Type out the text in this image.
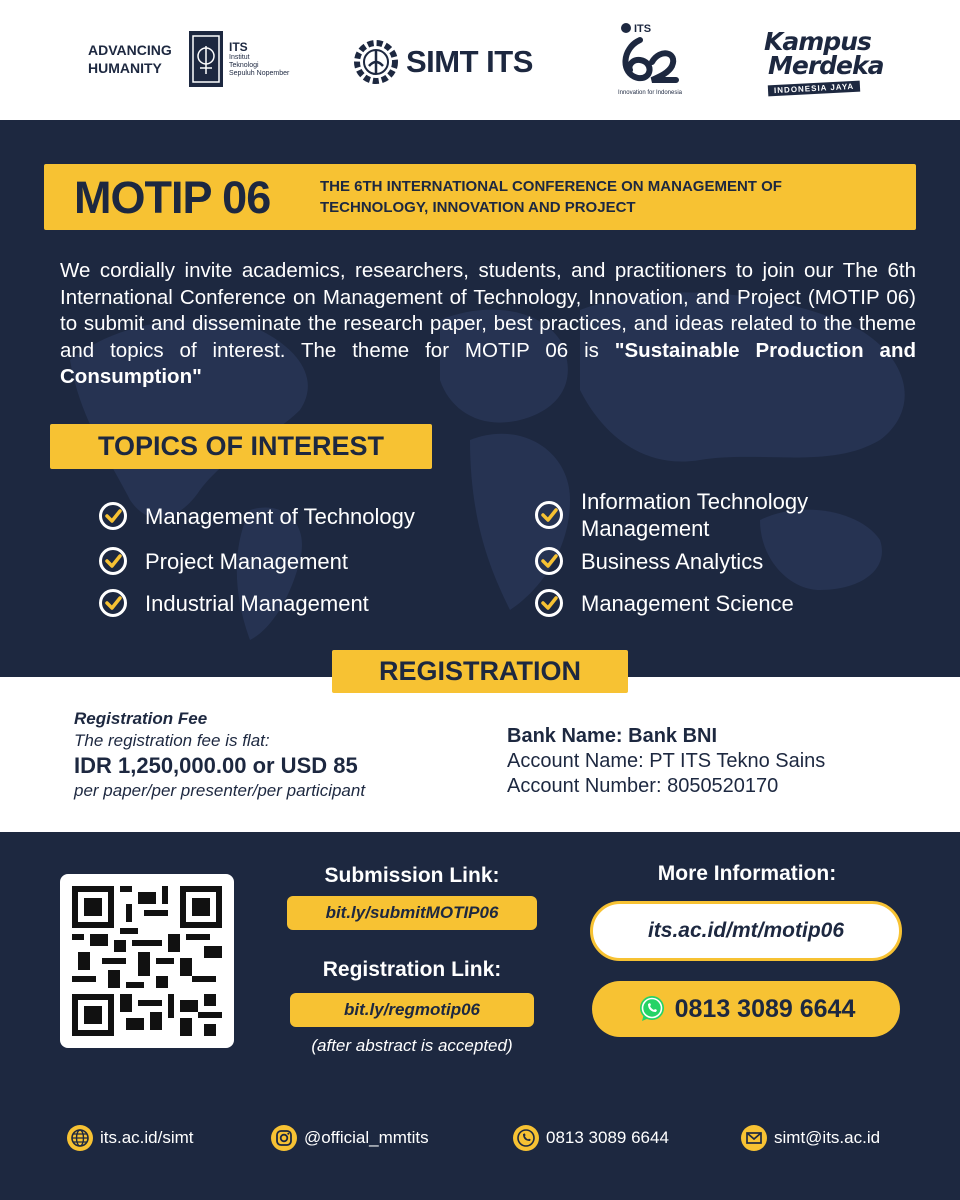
ADVANCING HUMANITY
ITS
Institut
Teknologi
Sepuluh Nopember	SIMT ITS
ITS
Innovation for Indonesia
Kampus
Merdeka
INDONESIA JAYA
MOTIP 06	THE 6TH INTERNATIONAL CONFERENCE ON MANAGEMENT OF TECHNOLOGY, INNOVATION AND PROJECT
We cordially invite academics, researchers, students, and practitioners to join our The 6th International Conference on Management of Technology, Innovation, and Project (MOTIP 06) to submit and disseminate the research paper, best practices, and ideas related to the theme and topics of interest. The theme for MOTIP 06 is "Sustainable Production and Consumption"
TOPICS OF INTEREST
Management of Technology
Project Management
Industrial Management
Information Technology Management
Business Analytics
Management Science
REGISTRATION
Registration Fee
The registration fee is flat:
IDR 1,250,000.00 or USD 85
per paper/per presenter/per participant
Bank Name: Bank BNI
Account Name: PT ITS Tekno Sains
Account Number: 8050520170
Submission Link:
bit.ly/submitMOTIP06
Registration Link:
bit.ly/regmotip06
(after abstract is accepted)
More Information:
its.ac.id/mt/motip06
0813 3089 6644
its.ac.id/simt	@official_mmtits	0813 3089 6644	simt@its.ac.id
